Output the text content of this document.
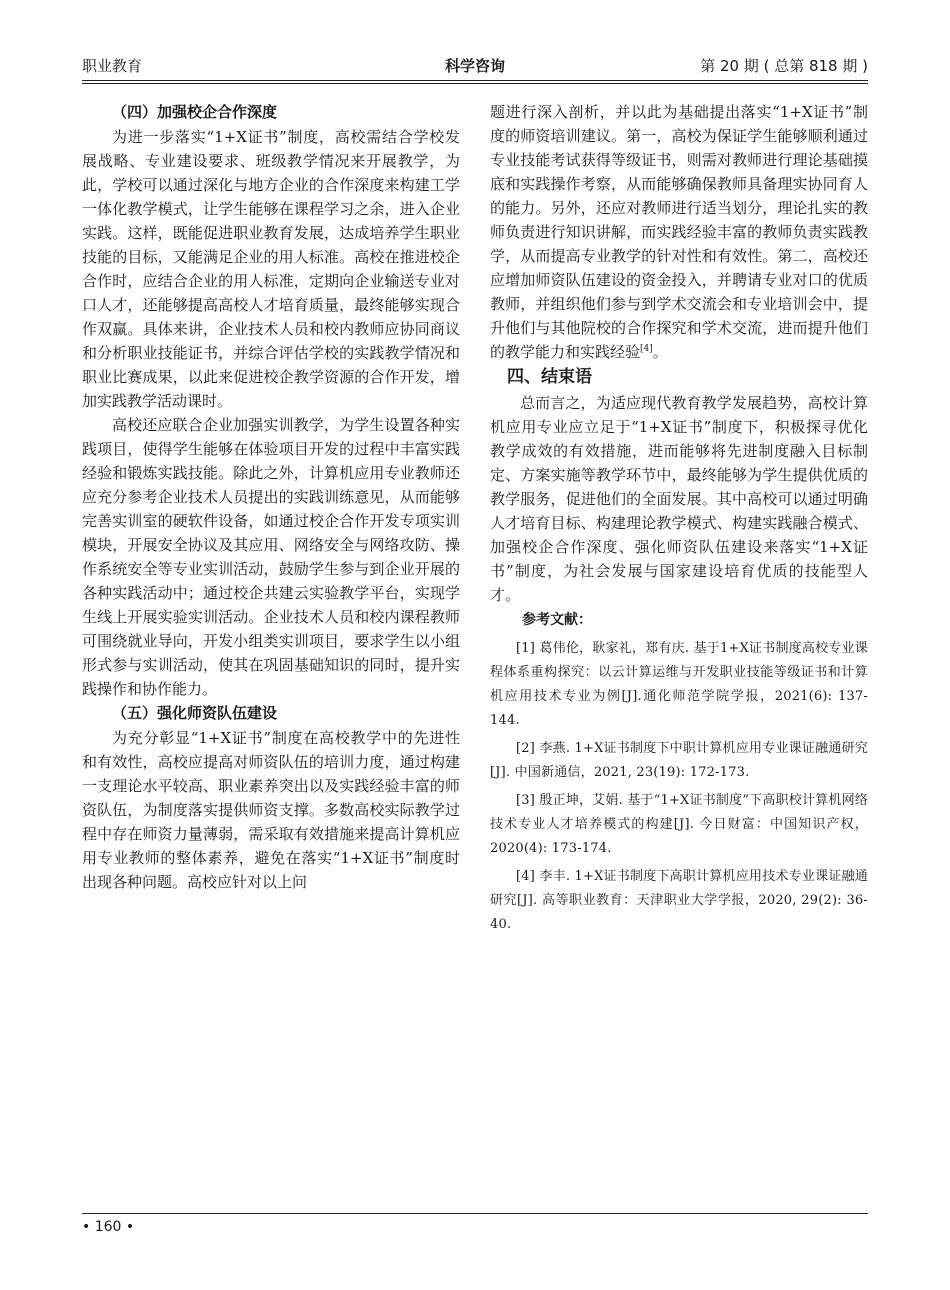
职业教育	科学咨询	第 20 期 ( 总第 818 期 )
（四）加强校企合作深度

为进一步落实“1+X证书”制度，高校需结合学校发展战略、专业建设要求、班级教学情况来开展教学，为此，学校可以通过深化与地方企业的合作深度来构建工学一体化教学模式，让学生能够在课程学习之余，进入企业实践。这样，既能促进职业教育发展，达成培养学生职业技能的目标，又能满足企业的用人标准。高校在推进校企合作时，应结合企业的用人标准，定期向企业输送专业对口人才，还能够提高高校人才培育质量，最终能够实现合作双赢。具体来讲，企业技术人员和校内教师应协同商议和分析职业技能证书，并综合评估学校的实践教学情况和职业比赛成果，以此来促进校企教学资源的合作开发，增加实践教学活动课时。

高校还应联合企业加强实训教学，为学生设置各种实践项目，使得学生能够在体验项目开发的过程中丰富实践经验和锻炼实践技能。除此之外，计算机应用专业教师还应充分参考企业技术人员提出的实践训练意见，从而能够完善实训室的硬软件设备，如通过校企合作开发专项实训模块，开展安全协议及其应用、网络安全与网络攻防、操作系统安全等专业实训活动，鼓励学生参与到企业开展的各种实践活动中；通过校企共建云实验教学平台，实现学生线上开展实验实训活动。企业技术人员和校内课程教师可围绕就业导向，开发小组类实训项目，要求学生以小组形式参与实训活动，使其在巩固基础知识的同时，提升实践操作和协作能力。

（五）强化师资队伍建设

为充分彰显“1+X证书”制度在高校教学中的先进性和有效性，高校应提高对师资队伍的培训力度，通过构建一支理论水平较高、职业素养突出以及实践经验丰富的师资队伍，为制度落实提供师资支撑。多数高校实际教学过程中存在师资力量薄弱，需采取有效措施来提高计算机应用专业教师的整体素养，避免在落实“1+X证书”制度时出现各种问题。高校应针对以上问

题进行深入剖析，并以此为基础提出落实“1+X证书”制度的师资培训建议。第一，高校为保证学生能够顺利通过专业技能考试获得等级证书，则需对教师进行理论基础摸底和实践操作考察，从而能够确保教师具备理实协同育人的能力。另外，还应对教师进行适当划分，理论扎实的教师负责进行知识讲解，而实践经验丰富的教师负责实践教学，从而提高专业教学的针对性和有效性。第二，高校还应增加师资队伍建设的资金投入，并聘请专业对口的优质教师，并组织他们参与到学术交流会和专业培训会中，提升他们与其他院校的合作探究和学术交流，进而提升他们的教学能力和实践经验[4]。

四、结束语

总而言之，为适应现代教育教学发展趋势，高校计算机应用专业应立足于“1+X证书”制度下，积极探寻优化教学成效的有效措施，进而能够将先进制度融入目标制定、方案实施等教学环节中，最终能够为学生提供优质的教学服务，促进他们的全面发展。其中高校可以通过明确人才培育目标、构建理论教学模式、构建实践融合模式、加强校企合作深度、强化师资队伍建设来落实“1+X证书”制度，为社会发展与国家建设培育优质的技能型人才。

参考文献：

[1] 葛伟伦，耿家礼，郑有庆. 基于1+X证书制度高校专业课程体系重构探究：以云计算运维与开发职业技能等级证书和计算机应用技术专业为例[J].通化师范学院学报，2021(6): 137-144.

[2] 李燕. 1+X证书制度下中职计算机应用专业课证融通研究[J]. 中国新通信，2021, 23(19): 172-173.

[3] 殷正坤，艾娟. 基于“1+X证书制度”下高职校计算机网络技术专业人才培养模式的构建[J]. 今日财富：中国知识产权，2020(4): 173-174.

[4] 李丰. 1+X证书制度下高职计算机应用技术专业课证融通研究[J]. 高等职业教育：天津职业大学学报，2020, 29(2): 36-40.

• 160 •
